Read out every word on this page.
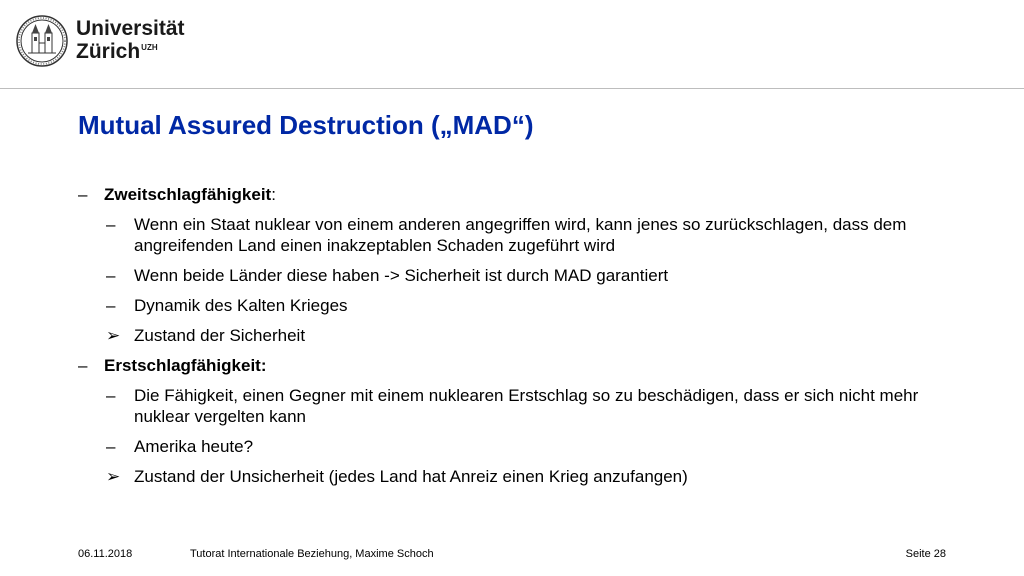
Universität
Zürich$^{UZH}$
Mutual Assured Destruction („MAD“)

– Zweitschlagfähigkeit:

– Wenn ein Staat nuklear von einem anderen angegriffen wird, kann jenes so zurückschlagen, dass dem angreifenden Land einen inakzeptablen Schaden zugeführt wird

– Wenn beide Länder diese haben -> Sicherheit ist durch MAD garantiert

– Dynamik des Kalten Krieges

➢ Zustand der Sicherheit

– Erstschlagfähigkeit:

– Die Fähigkeit, einen Gegner mit einem nuklearen Erstschlag so zu beschädigen, dass er sich nicht mehr nuklear vergelten kann

– Amerika heute?

➢ Zustand der Unsicherheit (jedes Land hat Anreiz einen Krieg anzufangen)

06.11.2018	Tutorat Internationale Beziehung, Maxime Schoch	Seite 28
